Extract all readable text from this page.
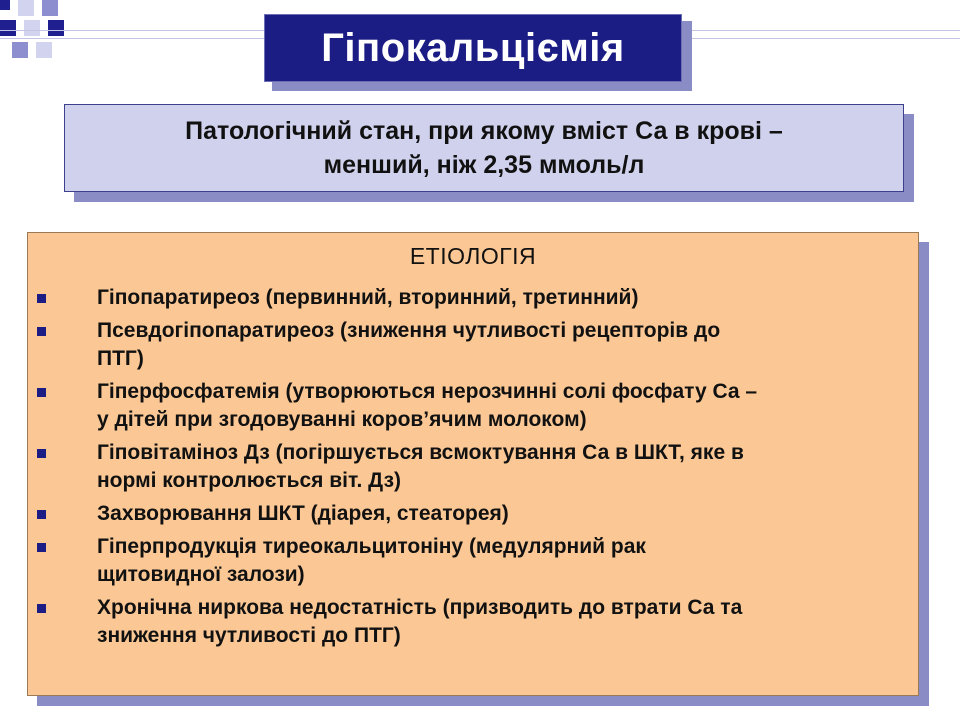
Гіпокальціємія
Патологічний стан, при якому вміст Са в крові –
менший, ніж 2,35 ммоль/л
ЕТІОЛОГІЯ
Гіпопаратиреоз (первинний, вторинний, третинний)
Псевдогіпопаратиреоз (зниження чутливості рецепторів до
ПТГ)
Гіперфосфатемія (утворюються нерозчинні солі фосфату Са –
у дітей при згодовуванні коров’ячим молоком)
Гіповітаміноз Дз (погіршується всмоктування Са в ШКТ, яке в
нормі контролюється віт. Дз)
Захворювання ШКТ (діарея, стеаторея)
Гіперпродукція тиреокальцитоніну (медулярний рак
щитовидної залози)
Хронічна ниркова недостатність (призводить до втрати Са та
зниження чутливості до ПТГ)
